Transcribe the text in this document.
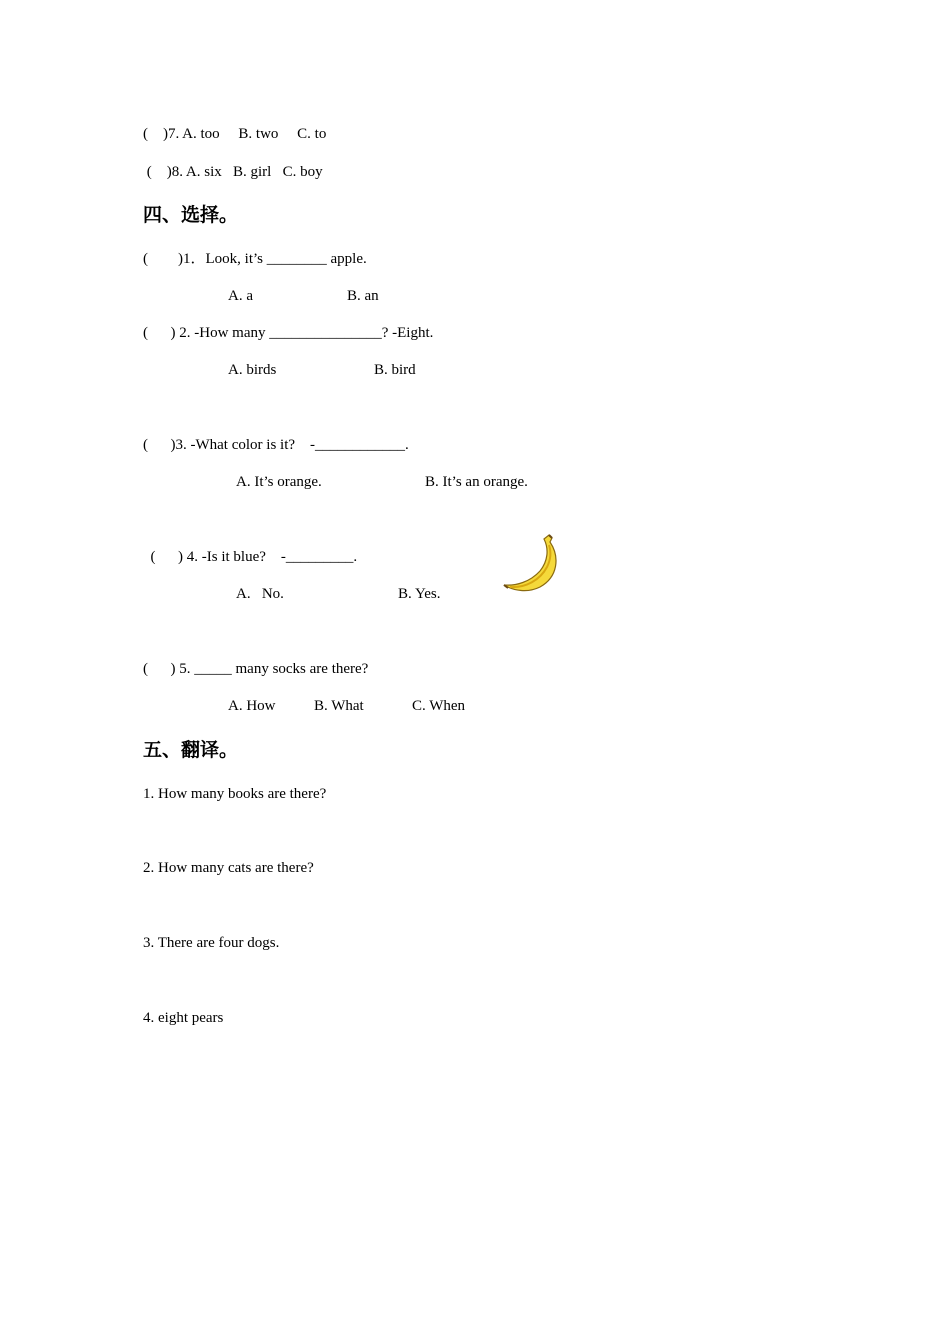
(    )7. A. too     B. two     C. to
(    )8. A. six   B. girl   C. boy
四、选择。
(        )1．Look, it’s ________ apple.
A. a	B. an
(      ) 2. -How many _______________? -Eight.
A. birds	B. bird
(      )3. -What color is it?    -____________.
A. It’s orange.	B. It’s an orange.
(      ) 4. -Is it blue?    -_________.
A.   No.	B. Yes.
(      ) 5. _____ many socks are there?
A. How	B. What	C. When
五、翻译。
1. How many books are there?
2. How many cats are there?
3. There are four dogs.
4. eight pears
